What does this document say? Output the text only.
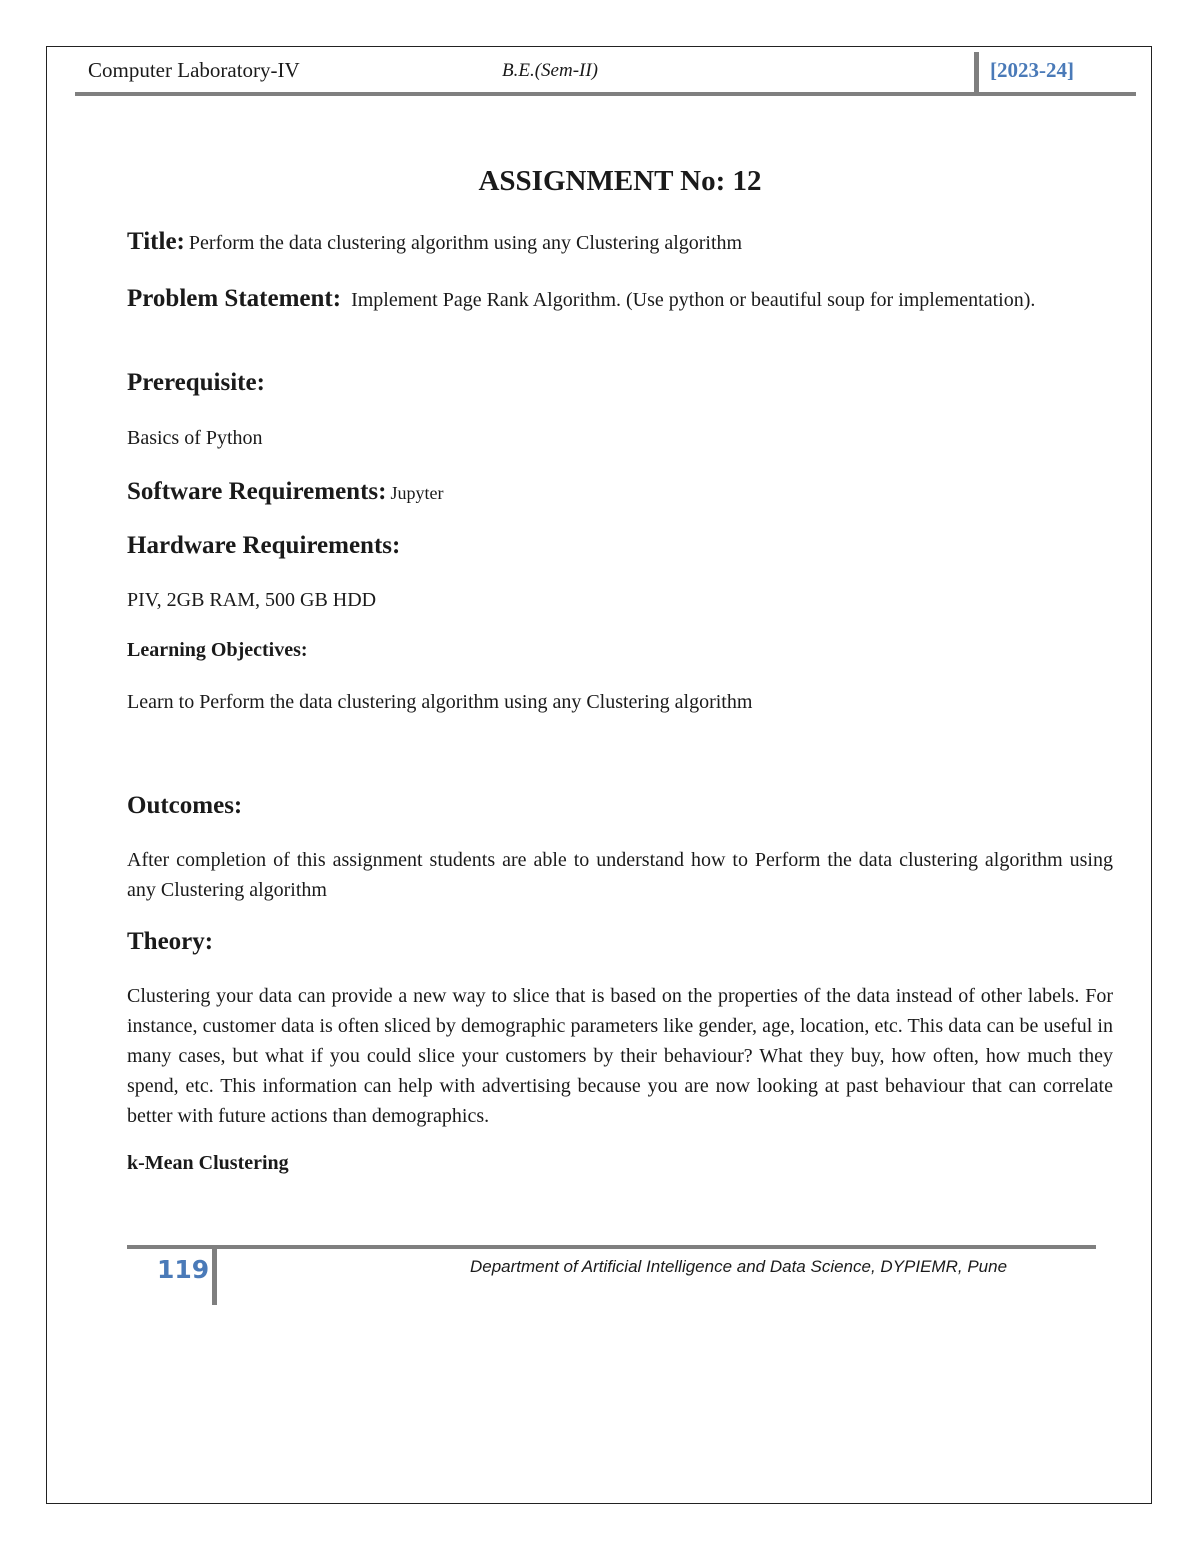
Computer Laboratory-IV	B.E.(Sem-II)	[2023-24]
ASSIGNMENT No: 12
Title: Perform the data clustering algorithm using any Clustering algorithm
Problem Statement: Implement Page Rank Algorithm. (Use python or beautiful soup for implementation).
Prerequisite:
Basics of Python
Software Requirements: Jupyter
Hardware Requirements:
PIV, 2GB RAM, 500 GB HDD
Learning Objectives:
Learn to Perform the data clustering algorithm using any Clustering algorithm
Outcomes:
After completion of this assignment students are able to understand how to Perform the data clustering algorithm using any Clustering algorithm
Theory:
Clustering your data can provide a new way to slice that is based on the properties of the data instead of other labels. For instance, customer data is often sliced by demographic parameters like gender, age, location, etc. This data can be useful in many cases, but what if you could slice your customers by their behaviour? What they buy, how often, how much they spend, etc. This information can help with advertising because you are now looking at past behaviour that can correlate better with future actions than demographics.
k-Mean Clustering
119	Department of Artificial Intelligence and Data Science, DYPIEMR, Pune
